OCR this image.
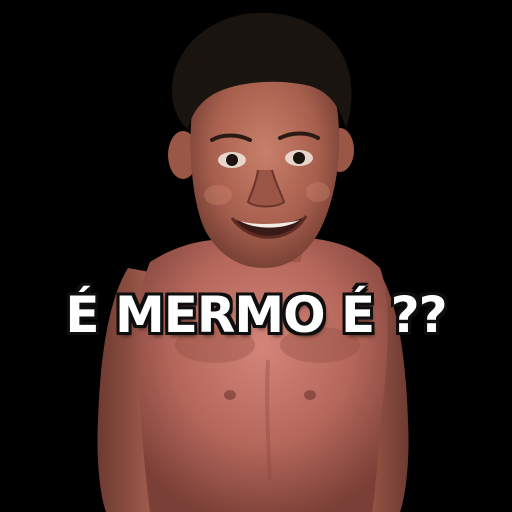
É MERMO É ??
